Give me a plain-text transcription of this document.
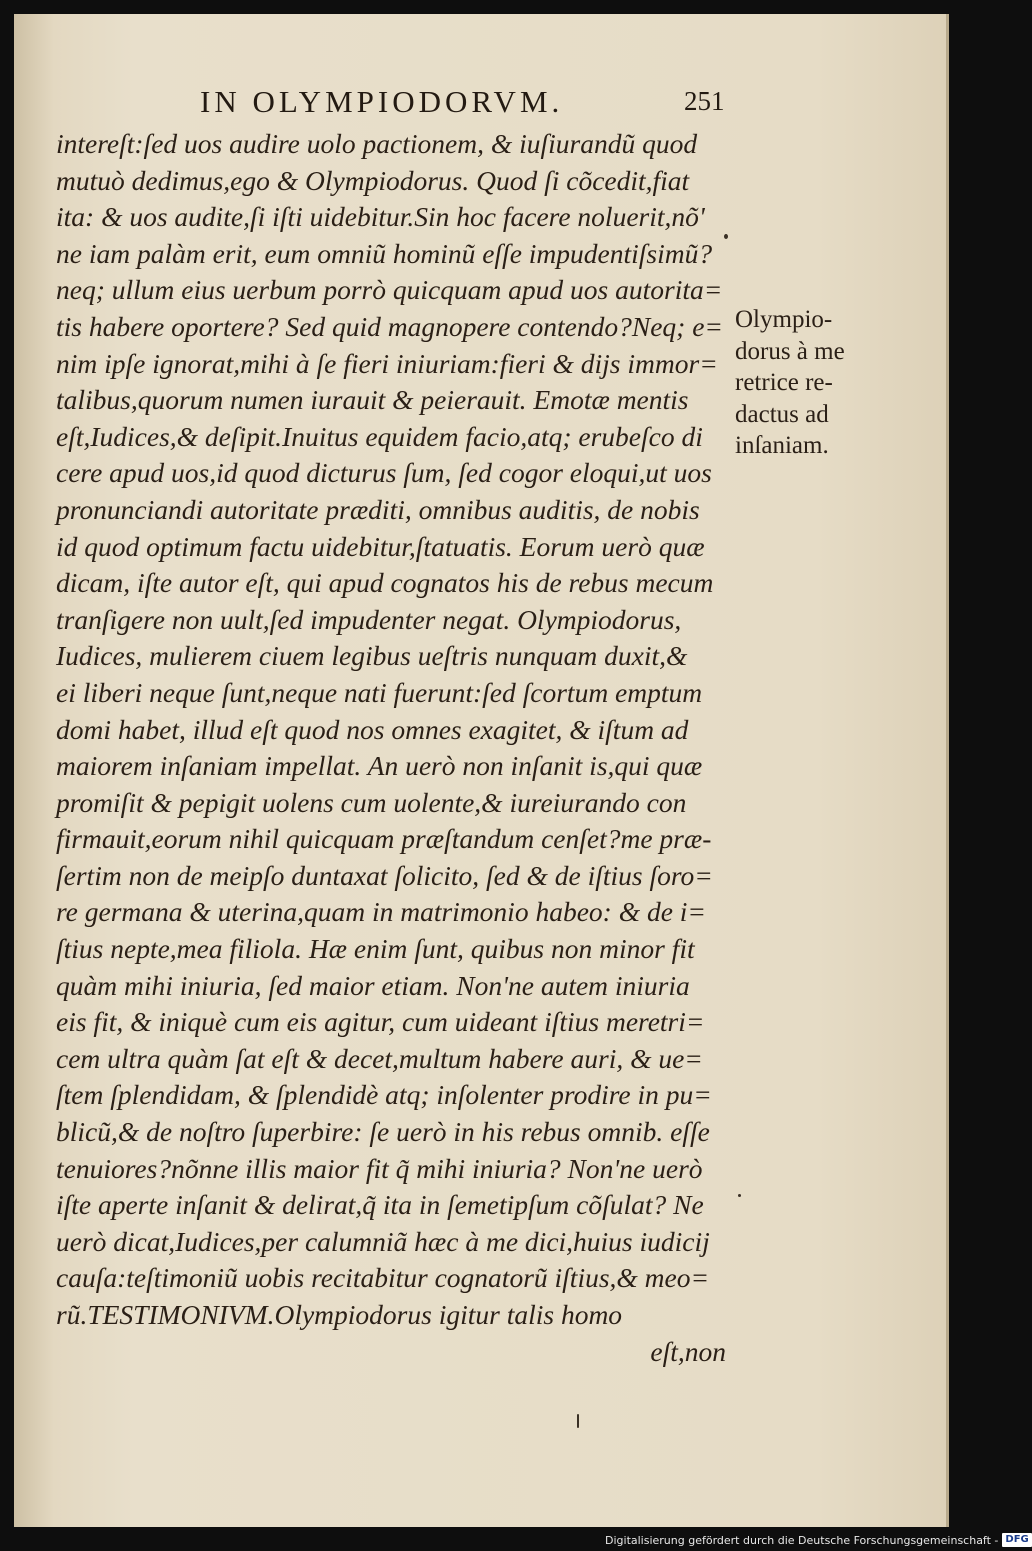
IN OLYMPIODORVM.	251
intereſt:ſed uos audire uolo pactionem, & iuſiurandũ quod
mutuò dedimus,ego & Olympiodorus. Quod ſi cõcedit,fiat
ita: & uos audite,ſi iſti uidebitur.Sin hoc facere noluerit,nõ'
ne iam palàm erit, eum omniũ hominũ eſſe impudentiſsimũ?
neq; ullum eius uerbum porrò quicquam apud uos autorita=
tis habere oportere? Sed quid magnopere contendo?Neq; e=
nim ipſe ignorat,mihi à ſe fieri iniuriam:fieri & dijs immor=
talibus,quorum numen iurauit & peierauit. Emotæ mentis
eſt,Iudices,& deſipit.Inuitus equidem facio,atq; erubeſco di
cere apud uos,id quod dicturus ſum, ſed cogor eloqui,ut uos
pronunciandi autoritate præditi, omnibus auditis, de nobis
id quod optimum factu uidebitur,ſtatuatis. Eorum uerò quæ
dicam, iſte autor eſt, qui apud cognatos his de rebus mecum
tranſigere non uult,ſed impudenter negat. Olympiodorus,
Iudices, mulierem ciuem legibus ueſtris nunquam duxit,&
ei liberi neque ſunt,neque nati fuerunt:ſed ſcortum emptum
domi habet, illud eſt quod nos omnes exagitet, & iſtum ad
maiorem inſaniam impellat. An uerò non inſanit is,qui quæ
promiſit & pepigit uolens cum uolente,& iureiurando con
firmauit,eorum nihil quicquam præſtandum cenſet?me præ-
ſertim non de meipſo duntaxat ſolicito, ſed & de iſtius ſoro=
re germana & uterina,quam in matrimonio habeo: & de i=
ſtius nepte,mea filiola. Hæ enim ſunt, quibus non minor fit
quàm mihi iniuria, ſed maior etiam. Non'ne autem iniuria
eis fit, & iniquè cum eis agitur, cum uideant iſtius meretri=
cem ultra quàm ſat eſt & decet,multum habere auri, & ue=
ſtem ſplendidam, & ſplendidè atq; inſolenter prodire in pu=
blicũ,& de noſtro ſuperbire: ſe uerò in his rebus omnib. eſſe
tenuiores?nõnne illis maior fit q̃ mihi iniuria? Non'ne uerò
iſte aperte inſanit & delirat,q̃ ita in ſemetipſum cõſulat? Ne
uerò dicat,Iudices,per calumniã hæc à me dici,huius iudicij
cauſa:teſtimoniũ uobis recitabitur cognatorũ iſtius,& meo=
rũ.TESTIMONIVM.Olympiodorus igitur talis homo
eſt,non
Olympio-
dorus à me
retrice re-
dactus ad
inſaniam.
Digitalisierung gefördert durch die Deutsche Forschungsgemeinschaft - DFG
